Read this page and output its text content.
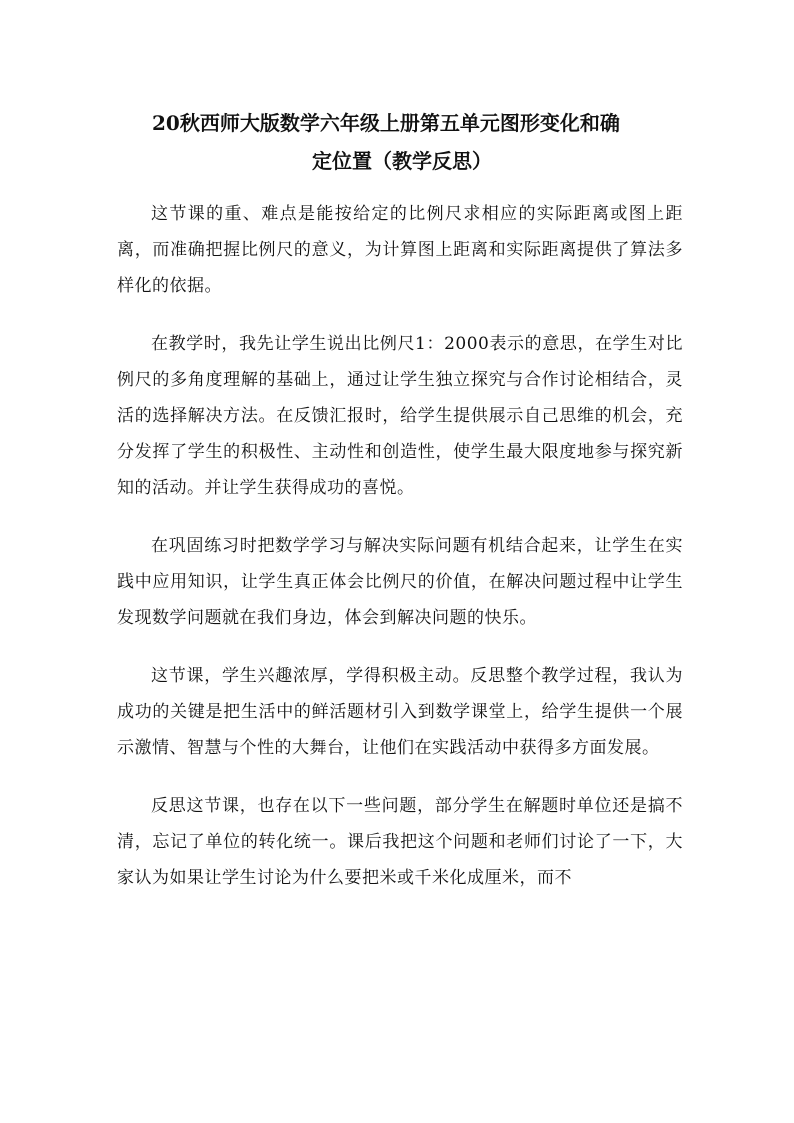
20秋西师大版数学六年级上册第五单元图形变化和确
定位置（教学反思）

这节课的重、难点是能按给定的比例尺求相应的实际距离或图上距离，而准确把握比例尺的意义，为计算图上距离和实际距离提供了算法多样化的依据。

在教学时，我先让学生说出比例尺1：2000表示的意思，在学生对比例尺的多角度理解的基础上，通过让学生独立探究与合作讨论相结合，灵活的选择解决方法。在反馈汇报时，给学生提供展示自己思维的机会，充分发挥了学生的积极性、主动性和创造性，使学生最大限度地参与探究新知的活动。并让学生获得成功的喜悦。

在巩固练习时把数学学习与解决实际问题有机结合起来，让学生在实践中应用知识，让学生真正体会比例尺的价值，在解决问题过程中让学生发现数学问题就在我们身边，体会到解决问题的快乐。

这节课，学生兴趣浓厚，学得积极主动。反思整个教学过程，我认为成功的关键是把生活中的鲜活题材引入到数学课堂上，给学生提供一个展示激情、智慧与个性的大舞台，让他们在实践活动中获得多方面发展。

反思这节课，也存在以下一些问题，部分学生在解题时单位还是搞不清，忘记了单位的转化统一。课后我把这个问题和老师们讨论了一下，大家认为如果让学生讨论为什么要把米或千米化成厘米，而不
